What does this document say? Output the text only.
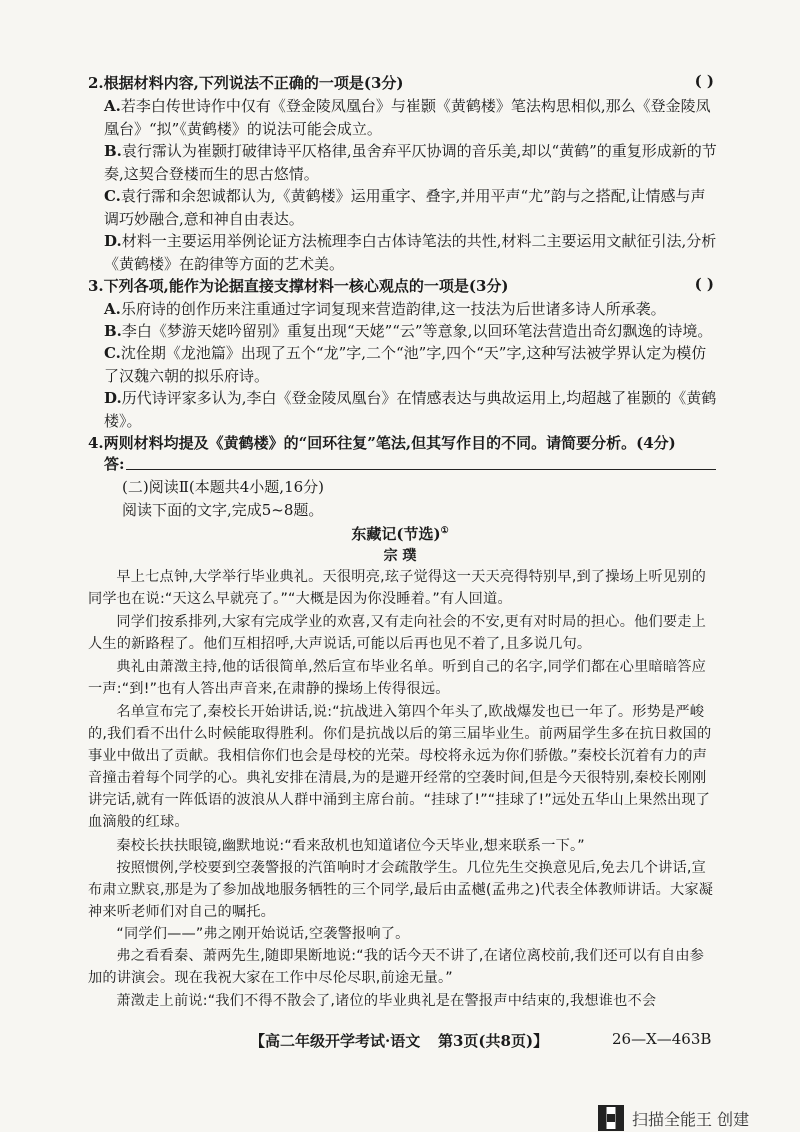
2.根据材料内容,下列说法不正确的一项是(3分)	( )
A.若李白传世诗作中仅有《登金陵凤凰台》与崔颢《黄鹤楼》笔法构思相似,那么《登金陵凤凰台》“拟”《黄鹤楼》的说法可能会成立。
B.袁行霈认为崔颢打破律诗平仄格律,虽舍弃平仄协调的音乐美,却以“黄鹤”的重复形成新的节奏,这契合登楼而生的思古悠情。
C.袁行霈和余恕诚都认为,《黄鹤楼》运用重字、叠字,并用平声“尤”韵与之搭配,让情感与声调巧妙融合,意和神自由表达。
D.材料一主要运用举例论证方法梳理李白古体诗笔法的共性,材料二主要运用文献征引法,分析《黄鹤楼》在韵律等方面的艺术美。
3.下列各项,能作为论据直接支撑材料一核心观点的一项是(3分)	( )
A.乐府诗的创作历来注重通过字词复现来营造韵律,这一技法为后世诸多诗人所承袭。
B.李白《梦游天姥吟留别》重复出现“天姥”“云”等意象,以回环笔法营造出奇幻飘逸的诗境。
C.沈佺期《龙池篇》出现了五个“龙”字,二个“池”字,四个“天”字,这种写法被学界认定为模仿了汉魏六朝的拟乐府诗。
D.历代诗评家多认为,李白《登金陵凤凰台》在情感表达与典故运用上,均超越了崔颢的《黄鹤楼》。
4.两则材料均提及《黄鹤楼》的“回环往复”笔法,但其写作目的不同。请简要分析。(4分)
答:
(二)阅读Ⅱ(本题共4小题,16分)
阅读下面的文字,完成5~8题。
东藏记(节选)①
宗 璞
早上七点钟,大学举行毕业典礼。天很明亮,玹子觉得这一天天亮得特别早,到了操场上听见别的同学也在说:“天这么早就亮了。”“大概是因为你没睡着。”有人回道。
同学们按系排列,大家有完成学业的欢喜,又有走向社会的不安,更有对时局的担心。他们要走上人生的新路程了。他们互相招呼,大声说话,可能以后再也见不着了,且多说几句。
典礼由萧澂主持,他的话很简单,然后宣布毕业名单。听到自己的名字,同学们都在心里暗暗答应一声:“到!”也有人答出声音来,在肃静的操场上传得很远。
名单宣布完了,秦校长开始讲话,说:“抗战进入第四个年头了,欧战爆发也已一年了。形势是严峻的,我们看不出什么时候能取得胜利。你们是抗战以后的第三届毕业生。前两届学生多在抗日救国的事业中做出了贡献。我相信你们也会是母校的光荣。母校将永远为你们骄傲。”秦校长沉着有力的声音撞击着每个同学的心。典礼安排在清晨,为的是避开经常的空袭时间,但是今天很特别,秦校长刚刚讲完话,就有一阵低语的波浪从人群中涌到主席台前。“挂球了!”“挂球了!”远处五华山上果然出现了血滴般的红球。
秦校长扶扶眼镜,幽默地说:“看来敌机也知道诸位今天毕业,想来联系一下。”
按照惯例,学校要到空袭警报的汽笛响时才会疏散学生。几位先生交换意见后,免去几个讲话,宣布肃立默哀,那是为了参加战地服务牺牲的三个同学,最后由孟樾(孟弗之)代表全体教师讲话。大家凝神来听老师们对自己的嘱托。
“同学们——”弗之刚开始说话,空袭警报响了。
弗之看看秦、萧两先生,随即果断地说:“我的话今天不讲了,在诸位离校前,我们还可以有自由参加的讲演会。现在我祝大家在工作中尽伦尽职,前途无量。”
萧澂走上前说:“我们不得不散会了,诸位的毕业典礼是在警报声中结束的,我想谁也不会
【高二年级开学考试·语文 第3页(共8页)】	26—X—463B
扫描全能王 创建
